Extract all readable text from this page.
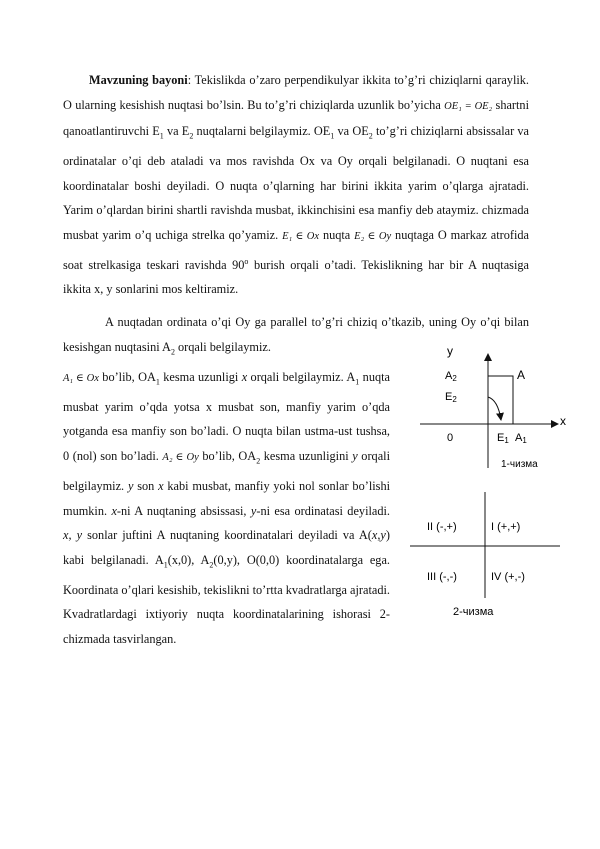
Mavzuning bayoni: Tekislikda o’zaro perpendikulyar ikkita to’g’ri chiziqlarni qaraylik. O ularning kesishish nuqtasi bo’lsin. Bu to’g’ri chiziqlarda uzunlik bo’yicha OE₁ = OE₂ shartni qanoatlantiruvchi $E_1$ va $E_2$ nuqtalarni belgilaymiz. $OE_1$ va $OE_2$ to’g’ri chiziqlarni absissalar va ordinatalar o’qi deb ataladi va mos ravishda Ox va Oy orqali belgilanadi. O nuqtani esa koordinatalar boshi deyiladi. O nuqta o’qlarning har birini ikkita yarim o’qlarga ajratadi. Yarim o’qlardan birini shartli ravishda musbat, ikkinchisini esa manfiy deb ataymiz. chizmada musbat yarim o’q uchiga strelka qo’yamiz. E₁ ∈ Ox nuqta E₂ ∈ Oy nuqtaga O markaz atrofida soat strelkasiga teskari ravishda 90$^o$ burish orqali o’tadi. Tekislikning har bir A nuqtasiga ikkita x, y sonlarini mos keltiramiz.

A nuqtadan ordinata o’qi Oy ga parallel to’g’ri chiziq o’tkazib, uning Oy o’qi bilan kesishgan nuqtasini $A_2$ orqali belgilaymiz.
A₁ ∈ Ox bo’lib, $OA_1$ kesma uzunligi x orqali belgilaymiz. $A_1$ nuqta musbat yarim o’qda yotsa x musbat son, manfiy yarim o’qda yotganda esa manfiy son bo’ladi. O nuqta bilan ustma-ust tushsa, 0 (nol) son bo’ladi. A₂ ∈ Oy bo’lib, $OA_2$ kesma uzunligini y orqali belgilaymiz. y son x kabi musbat, manfiy yoki nol sonlar bo’lishi mumkin. x-ni A nuqtaning absissasi, y-ni esa ordinatasi deyiladi. x, y sonlar juftini A nuqtaning koordinatalari deyiladi va A(x,y) kabi belgilanadi. $A_1(x,0)$, $A_2(0,y)$, O(0,0) koordinatalarga ega. Koordinata o’qlari kesishib, tekislikni to’rtta kvadratlarga ajratadi. Kvadratlardagi ixtiyoriy nuqta koordinatalarining ishorasi 2-chizmada tasvirlangan.
y
x
A2	A
E2
0	E1 A1
1-чизма
II (-,+)	I (+,+)
III (-,-)	IV (+,-)
2-чизма
